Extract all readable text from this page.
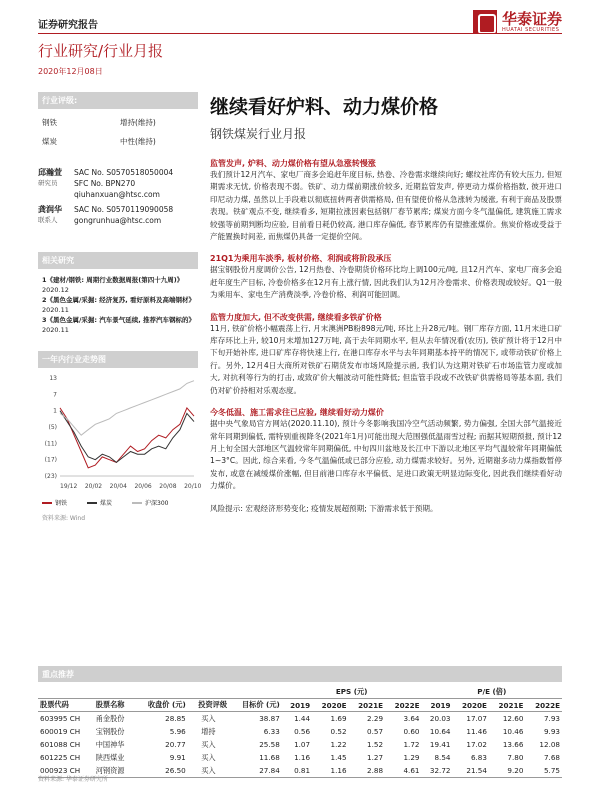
证券研究报告	华泰证券
HUATAI SECURITIES
行业研究/行业月报
2020年12月08日
行业评级:
钢铁	增持(维持)
煤炭	中性(维持)
邱瀚萱	SAC No. S0570518050004
研究员	SFC No. BPN270
qiuhanxuan@htsc.com
龚润华	SAC No. S0570119090058
联系人	gongrunhua@htsc.com
相关研究
1《建材/钢铁: 周期行业数据周报(第四十九周)》
2020.12
2《黑色金属/采掘: 经济复苏, 看好原料及高端钢材》
2020.11
3《黑色金属/采掘: 汽车景气延续, 推荐汽车钢标的》
2020.11
一年内行业走势图
13
7
1
(5)
(11)
(17)
(23)
19/12 20/02 20/04 20/06 20/08 20/10
钢铁	煤炭	沪深300
资料来源: Wind
继续看好炉料、动力煤价格
钢铁煤炭行业月报
监管发声, 炉料、动力煤价格有望从急涨转慢涨
我们预计12月汽车、家电厂商多会追赶年度目标, 热卷、冷卷需求继续向好; 螺纹社库仍有较大压力, 但短期需求无忧, 价格表现不弱。铁矿、动力煤前期涨价较多, 近期监管发声, 停更动力煤价格指数, 彼开进口印尼动力煤, 虽然以上手段难以彻底扭转两者供需格局, 但有望使价格从急涨转为缓涨, 有利于商品及股票表现。铁矿观点不变, 继续看多, 短期拉涨因素包括钢厂春节累库; 煤炭方面今冬气温偏低, 建筑施工需求较强等前期判断均应验, 目前看日耗仍较高, 港口库存偏低, 春节累库仍有望推涨煤价。焦炭价格或受益于产能置换时间差, 而焦煤仍具备一定提价空间。
21Q1为乘用车淡季, 板材价格、利润或将阶段承压
据宝钢股份月度调价公告, 12月热卷、冷卷期货价格环比均上调100元/吨, 且12月汽车、家电厂商多会追赶年度生产目标, 冷卷价格多在12月有上涨行情, 因此我们认为12月冷卷需求、价格表现或较好。Q1一般为乘用车、家电生产消费淡季, 冷卷价格、利润可能回调。
监管力度加大, 但不改变供需, 继续看多铁矿价格
11月, 铁矿价格小幅震荡上行, 月末澳洲PB粉898元/吨, 环比上升28元/吨。钢厂库存方面, 11月末进口矿库存环比上升, 较10月末增加127万吨, 高于去年同期水平, 但从去年情况看(农历), 铁矿预计将于12月中下旬开始补库, 进口矿库存将快速上行, 在港口库存水平与去年同期基本持平的情况下, 或带动铁矿价格上行。另外, 12月4日大商所对铁矿石期货发布市场风险提示函, 我们认为这期对铁矿石市场监管力度或加大, 对抗利等行为的打击, 或致矿价大幅波动可能性降低; 但监管手段或不改铁矿供需格局等基本面, 我们仍对矿价持相对乐观态度。
今冬低温、施工需求往已应验, 继续看好动力煤价
据中央气象局官方网站(2020.11.10), 预计今冬影响我国冷空气活动频繁, 势力偏强, 全国大部气温接近常年同期到偏低, 需特别重视降冬(2021年1月)可能出现大范围强低温雨雪过程; 而据其短期预报, 预计12月上旬全国大部地区气温较常年同期偏低, 中旬四川盆地及长江中下游以北地区平均气温较常年同期偏低1~3°C。因此, 综合来看, 今冬气温偏低或已部分应验, 动力煤需求较好。另外, 近期谢多动力煤指数暂停发布, 或意在减缓煤价涨幅, 但目前港口库存水平偏低、足进口政策无明显边际变化, 因此我们继续看好动力煤价。
风险提示: 宏观经济形势变化; 疫情发展超预期; 下游需求低于预期。
重点推荐
					EPS (元)				P/E (倍)			
股票代码	股票名称	收盘价 (元)	投资评级	目标价 (元)	2019	2020E	2021E	2022E	2019	2020E	2021E	2022E
603995 CH	甬金股份	28.85	买入	38.87	1.44	1.69	2.29	3.64	20.03	17.07	12.60	7.93
600019 CH	宝钢股份	5.96	增持	6.33	0.56	0.52	0.57	0.60	10.64	11.46	10.46	9.93
601088 CH	中国神华	20.77	买入	25.58	1.07	1.22	1.52	1.72	19.41	17.02	13.66	12.08
601225 CH	陕西煤业	9.91	买入	11.68	1.16	1.45	1.27	1.29	8.54	6.83	7.80	7.68
000923 CH	河钢资源	26.50	买入	27.84	0.81	1.16	2.88	4.61	32.72	21.54	9.20	5.75
资料来源: 华泰证券研究所
